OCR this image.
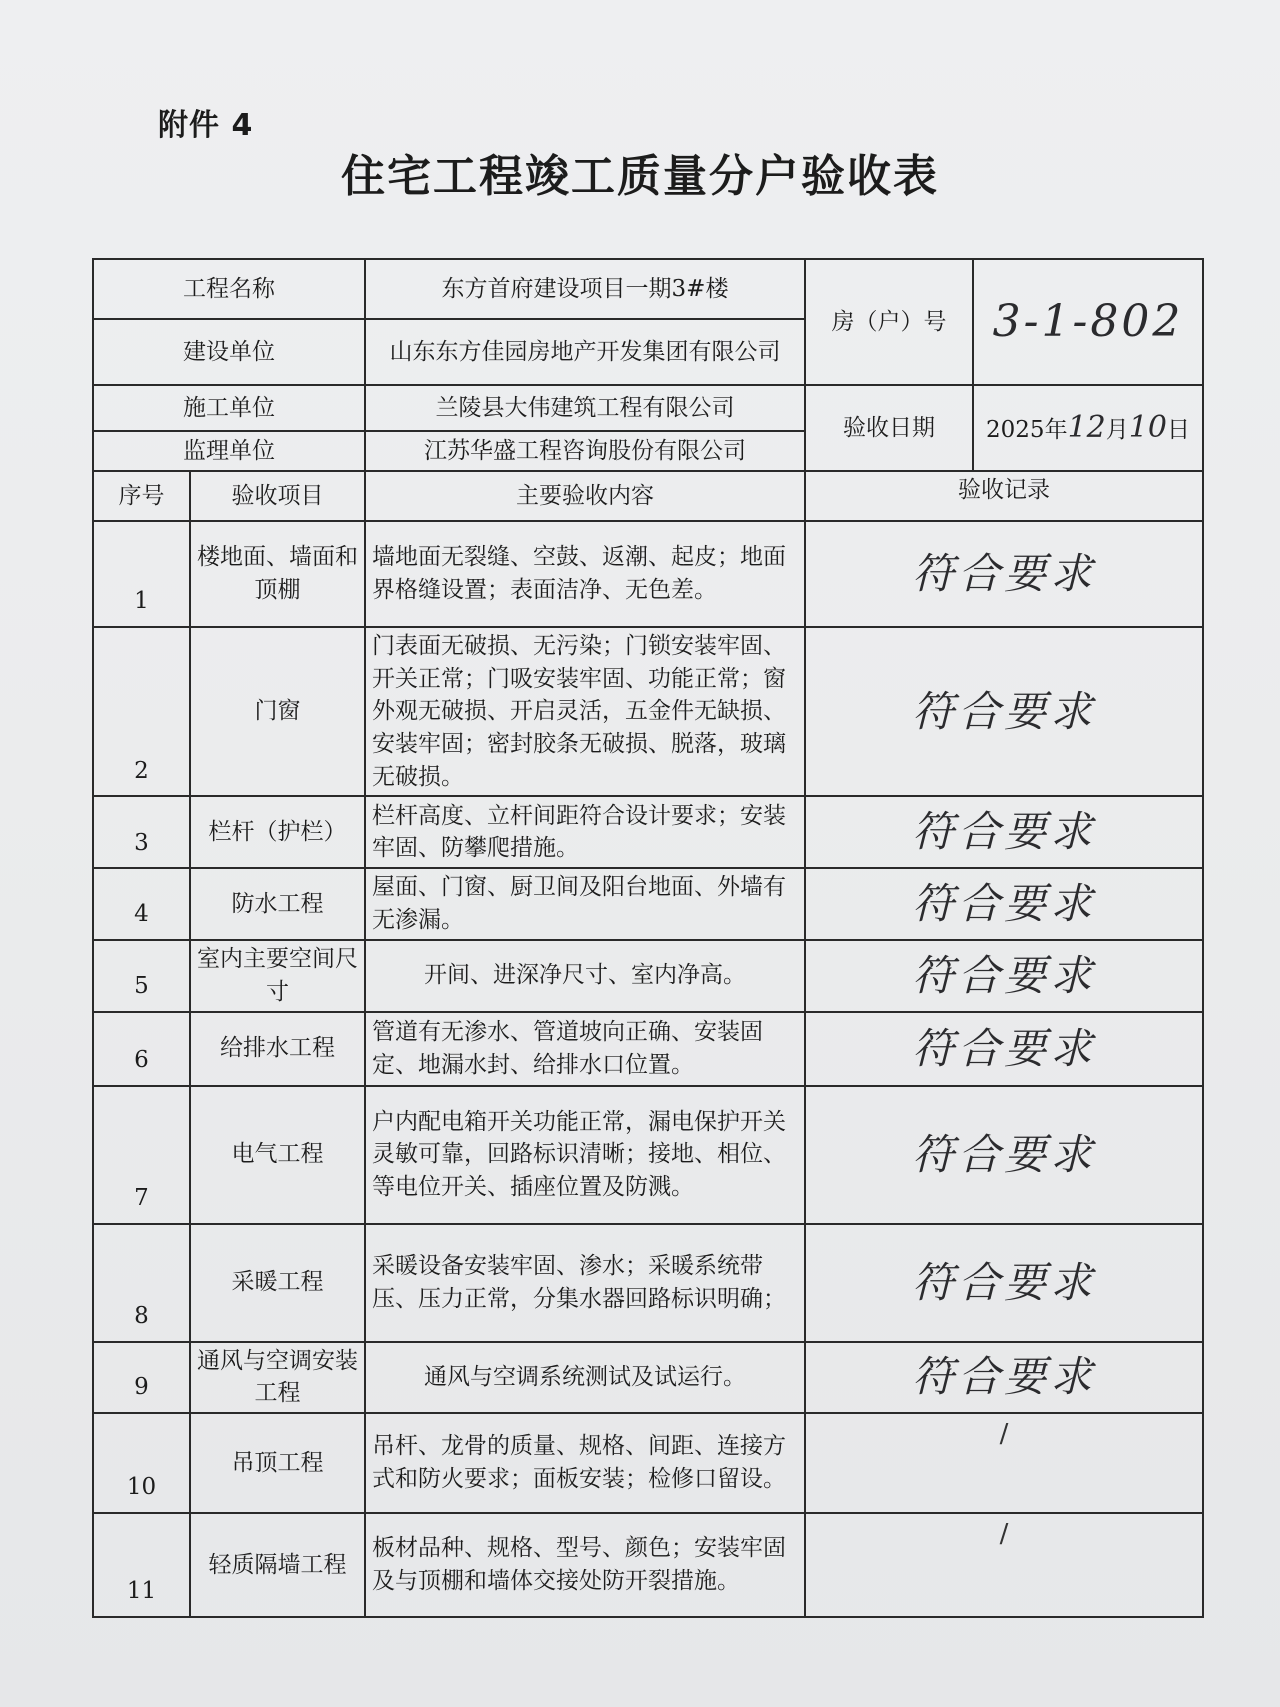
附件 4
住宅工程竣工质量分户验收表
工程名称		东方首府建设项目一期3#楼	房（户）号	3-1-802
建设单位		山东东方佳园房地产开发集团有限公司		
施工单位		兰陵县大伟建筑工程有限公司	验收日期	2025年12月10日
监理单位		江苏华盛工程咨询股份有限公司		
序号	验收项目	主要验收内容	验收记录	
1	楼地面、墙面和顶棚	墙地面无裂缝、空鼓、返潮、起皮；地面界格缝设置；表面洁净、无色差。	符合要求	
2	门窗	门表面无破损、无污染；门锁安装牢固、开关正常；门吸安装牢固、功能正常；窗外观无破损、开启灵活，五金件无缺损、 安装牢固；密封胶条无破损、脱落，玻璃无破损。	符合要求	
3	栏杆（护栏）	栏杆高度、立杆间距符合设计要求；安装牢固、防攀爬措施。	符合要求	
4	防水工程	屋面、门窗、厨卫间及阳台地面、外墙有无渗漏。	符合要求	
5	室内主要空间尺寸	开间、进深净尺寸、室内净高。	符合要求	
6	给排水工程	管道有无渗水、管道坡向正确、安装固定、地漏水封、给排水口位置。	符合要求	
7	电气工程	户内配电箱开关功能正常，漏电保护开关灵敏可靠，回路标识清晰；接地、相位、等电位开关、插座位置及防溅。	符合要求	
8	采暖工程	采暖设备安装牢固、渗水；采暖系统带压、压力正常，分集水器回路标识明确；	符合要求	
9	通风与空调安装工程	通风与空调系统测试及试运行。	符合要求	
10	吊顶工程	吊杆、龙骨的质量、规格、间距、连接方式和防火要求；面板安装；检修口留设。	/	
11	轻质隔墙工程	板材品种、规格、型号、颜色；安装牢固及与顶棚和墙体交接处防开裂措施。	/	
